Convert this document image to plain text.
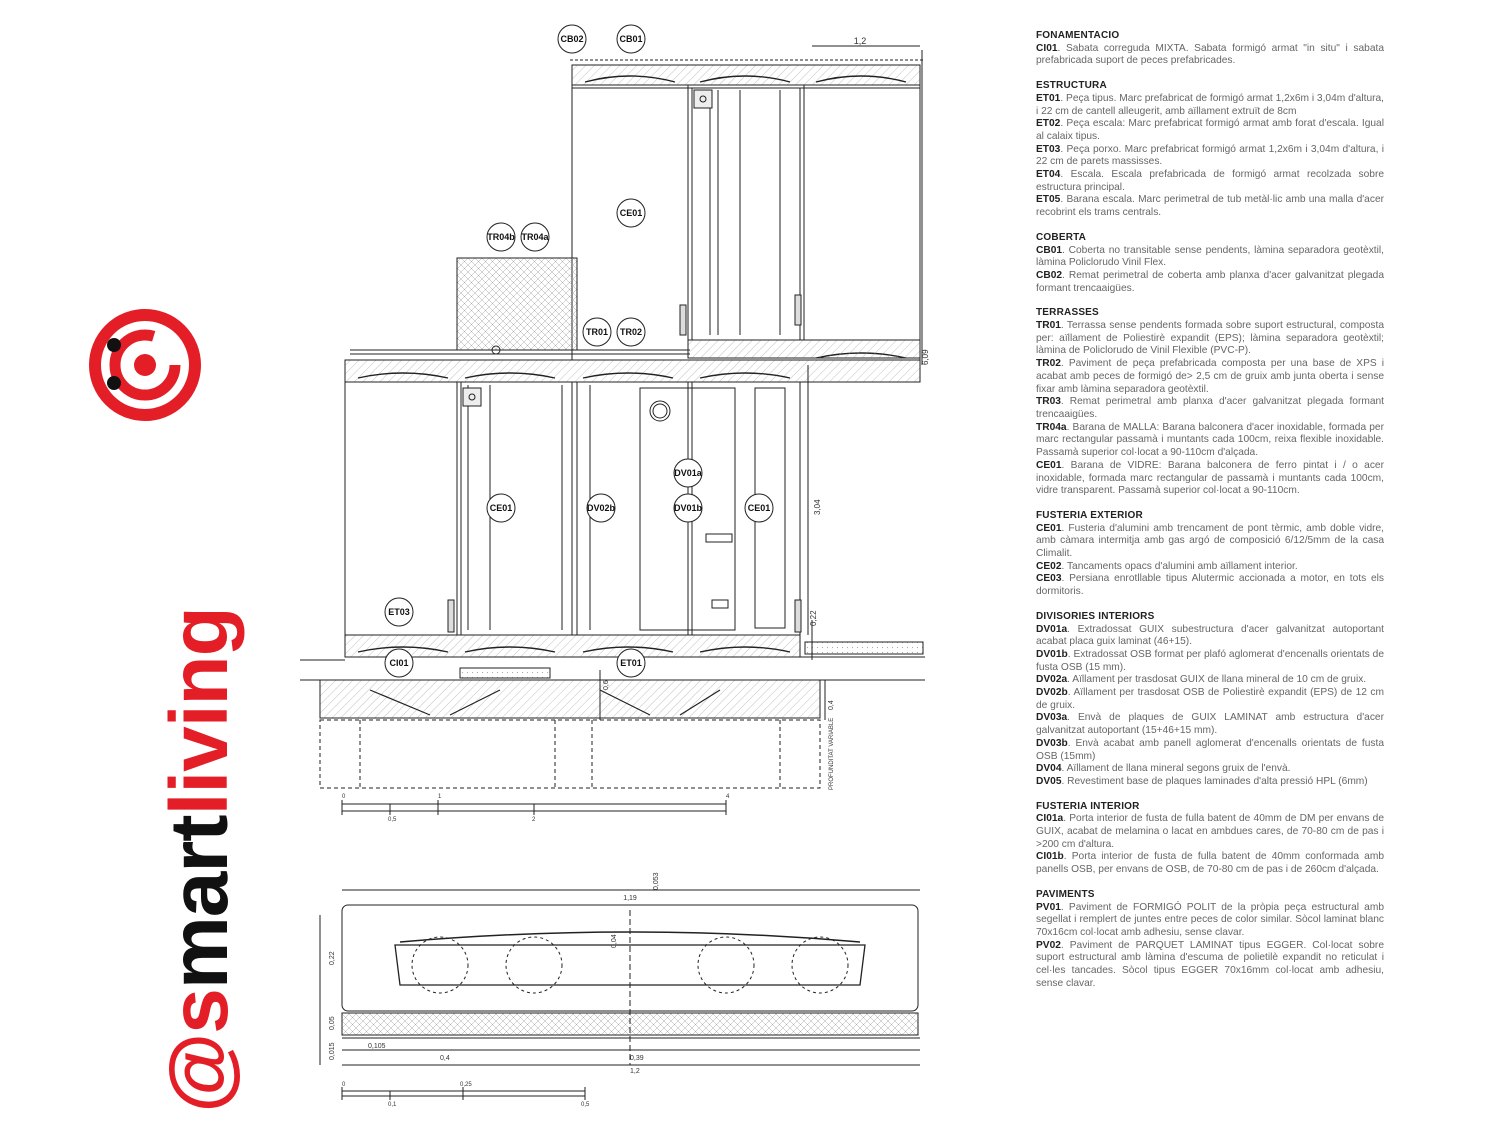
@smartliving
1,2
6,09
3,04
0,22
0,4
0,6
PROFUNDITAT VARIABLE
CB02	CB01
CE01
TR04b TR04a
TR01 TR02
DV01a
DV01b
CE01	DV02b	CE01
ET03
CI01	ET01
0	1	4
0,5	2
1,19
0,053
0,22
0,05
0,015
0,04
0,105
0,4	0,39
1,2
0	0,25
0,1	0,5
FONAMENTACIO

CI01. Sabata correguda MIXTA. Sabata formigó armat "in situ" i sabata prefabricada suport de peces prefabricades.

ESTRUCTURA

ET01. Peça tipus. Marc prefabricat de formigó armat 1,2x6m i 3,04m d'altura, i 22 cm de cantell alleugerit, amb aïllament extruït de 8cm

ET02. Peça escala: Marc prefabricat formigó armat amb forat d'escala. Igual al calaix tipus.

ET03. Peça porxo. Marc prefabricat formigó armat 1,2x6m i 3,04m d'altura, i 22 cm de parets massisses.

ET04. Escala. Escala prefabricada de formigó armat recolzada sobre estructura principal.

ET05. Barana escala. Marc perimetral de tub metàl·lic amb una malla d'acer recobrint els trams centrals.

COBERTA

CB01. Coberta no transitable sense pendents, làmina separadora geotèxtil, làmina Policlorudo Vinil Flex.

CB02. Remat perimetral de coberta amb planxa d'acer galvanitzat plegada formant trencaaigües.

TERRASSES

TR01. Terrassa sense pendents formada sobre suport estructural, composta per: aïllament de Poliestirè expandit (EPS); làmina separadora geotèxtil; làmina de Policlorudo de Vinil Flexible (PVC-P).

TR02. Paviment de peça prefabricada composta per una base de XPS i acabat amb peces de formigó de> 2,5 cm de gruix amb junta oberta i sense fixar amb làmina separadora geotèxtil.

TR03. Remat perimetral amb planxa d'acer galvanitzat plegada formant trencaaigües.

TR04a. Barana de MALLA: Barana balconera d'acer inoxidable, formada per marc rectangular passamà i muntants cada 100cm, reixa flexible inoxidable. Passamà superior col·locat a 90-110cm d'alçada.

CE01. Barana de VIDRE: Barana balconera de ferro pintat i / o acer inoxidable, formada marc rectangular de passamà i muntants cada 100cm, vidre transparent. Passamà superior col·locat a 90-110cm.

FUSTERIA EXTERIOR

CE01. Fusteria d'alumini amb trencament de pont tèrmic, amb doble vidre, amb càmara intermitja amb gas argó de composició 6/12/5mm de la casa Climalit.

CE02. Tancaments opacs d'alumini amb aïllament interior.

CE03. Persiana enrotllable tipus Alutermic accionada a motor, en tots els dormitoris.

DIVISORIES INTERIORS

DV01a. Extradossat GUIX subestructura d'acer galvanitzat autoportant acabat placa guix laminat (46+15).

DV01b. Extradossat OSB format per plafó aglomerat d'encenalls orientats de fusta OSB (15 mm).

DV02a. Aïllament per trasdosat GUIX de llana mineral de 10 cm de gruix.

DV02b. Aïllament per trasdosat OSB de Poliestirè expandit (EPS) de 12 cm de gruix.

DV03a. Envà de plaques de GUIX LAMINAT amb estructura d'acer galvanitzat autoportant (15+46+15 mm).

DV03b. Envà acabat amb panell aglomerat d'encenalls orientats de fusta OSB (15mm)

DV04. Aïllament de llana mineral segons gruix de l'envà.

DV05. Revestiment base de plaques laminades d'alta pressió HPL (6mm)

FUSTERIA INTERIOR

CI01a. Porta interior de fusta de fulla batent de 40mm de DM per envans de GUIX, acabat de melamina o lacat en ambdues cares, de 70-80 cm de pas i >200 cm d'altura.

CI01b. Porta interior de fusta de fulla batent de 40mm conformada amb panells OSB, per envans de OSB, de 70-80 cm de pas i de 260cm d'alçada.

PAVIMENTS

PV01. Paviment de FORMIGÓ POLIT de la pròpia peça estructural amb segellat i remplert de juntes entre peces de color similar. Sòcol laminat blanc 70x16cm col·locat amb adhesiu, sense clavar.

PV02. Paviment de PARQUET LAMINAT tipus EGGER. Col·locat sobre suport estructural amb làmina d'escuma de polietilè expandit no reticulat i cel·les tancades. Sòcol tipus EGGER 70x16mm col·locat amb adhesiu, sense clavar.
